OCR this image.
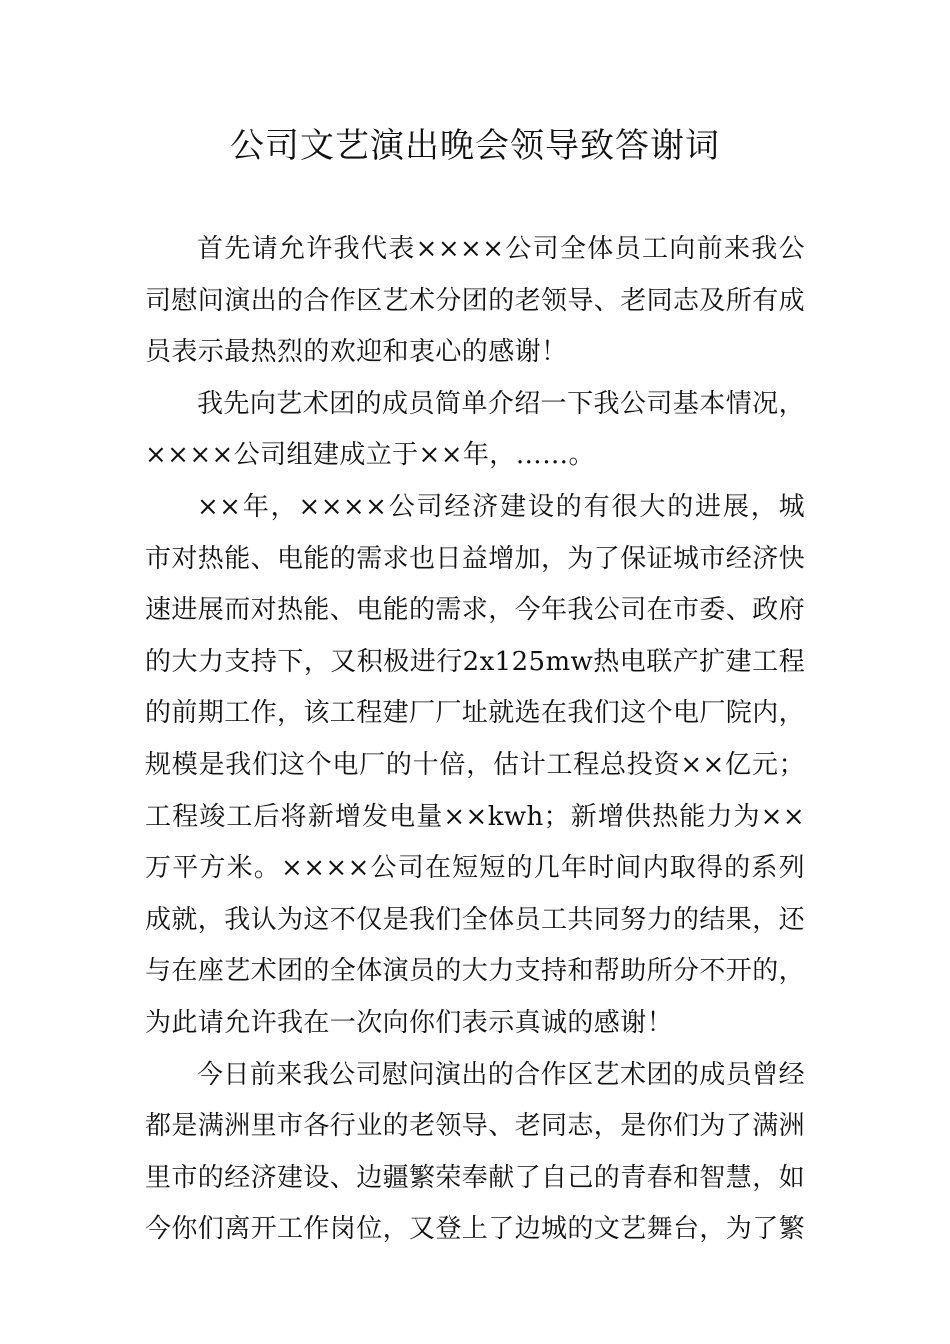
公司文艺演出晚会领导致答谢词

首先请允许我代表××××公司全体员工向前来我公司慰问演出的合作区艺术分团的老领导、老同志及所有成员表示最热烈的欢迎和衷心的感谢！

我先向艺术团的成员简单介绍一下我公司基本情况，××××公司组建成立于××年，……。

××年，××××公司经济建设的有很大的进展，城市对热能、电能的需求也日益增加，为了保证城市经济快速进展而对热能、电能的需求，今年我公司在市委、政府的大力支持下，又积极进行2x125mw热电联产扩建工程的前期工作，该工程建厂厂址就选在我们这个电厂院内，规模是我们这个电厂的十倍，估计工程总投资××亿元；工程竣工后将新增发电量××kwh；新增供热能力为××万平方米。××××公司在短短的几年时间内取得的系列成就，我认为这不仅是我们全体员工共同努力的结果，还与在座艺术团的全体演员的大力支持和帮助所分不开的，为此请允许我在一次向你们表示真诚的感谢！

今日前来我公司慰问演出的合作区艺术团的成员曾经都是满洲里市各行业的老领导、老同志，是你们为了满洲里市的经济建设、边疆繁荣奉献了自己的青春和智慧，如今你们离开工作岗位，又登上了边城的文艺舞台，为了繁
